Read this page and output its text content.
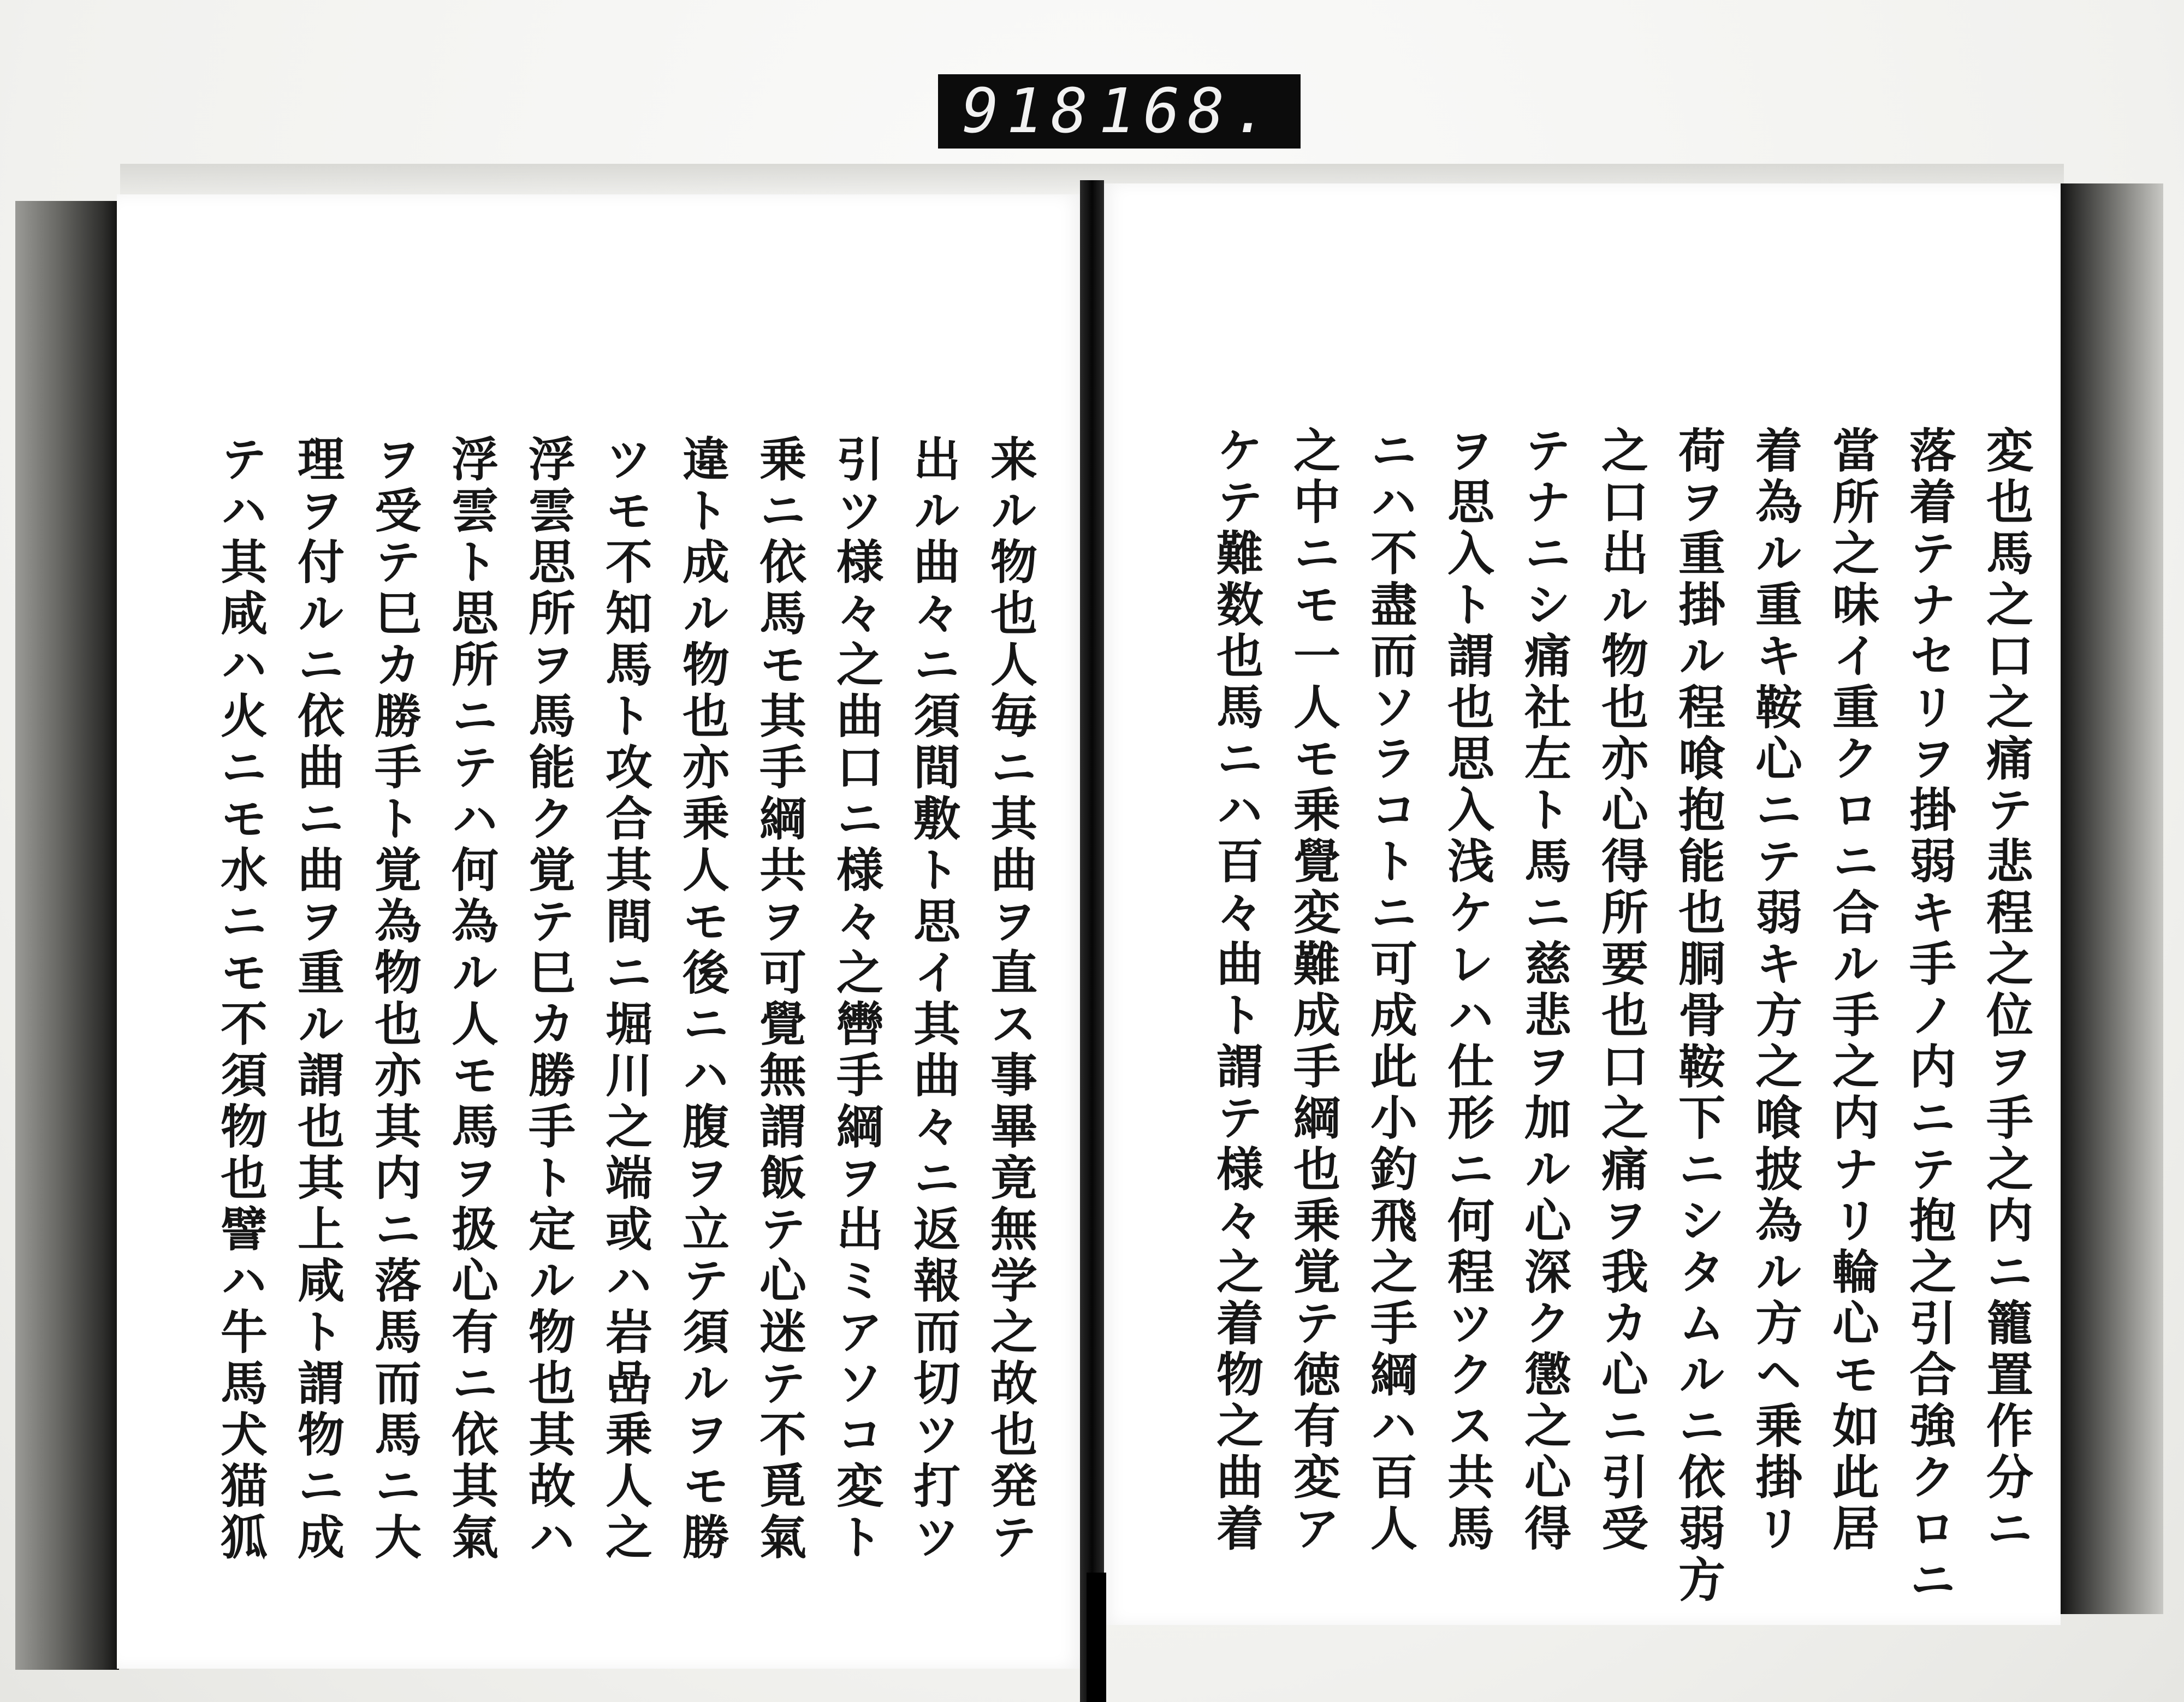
918 168.
来ル物也人毎ニ其曲ヲ直ス事畢竟無学之故也発テ
出ル曲々ニ須間敷ト思イ其曲々ニ返報而切ツ打ツ
引ツ様々之曲口ニ様々之轡手綱ヲ出ミアソコ変ト
乗ニ依馬モ其手綱共ヲ可覺無謂飯テ心迷テ不覓氣
違ト成ル物也亦乗人モ後ニハ腹ヲ立テ須ルヲモ勝
ツモ不知馬ト攻合其間ニ堀川之端或ハ岩嵒乗人之
浮雲思所ヲ馬能ク覚テ巳カ勝手ト定ル物也其故ハ
浮雲ト思所ニテハ何為ル人モ馬ヲ扱心有ニ依其氣
ヲ受テ巳カ勝手ト覚為物也亦其内ニ落馬而馬ニ大
理ヲ付ルニ依曲ニ曲ヲ重ル謂也其上咸ト謂物ニ成
テハ其咸ハ火ニモ水ニモ不須物也譬ハ牛馬犬猫狐	変也馬之口之痛テ悲程之位ヲ手之内ニ籠置作分ニ
落着テナセリヲ掛弱キ手ノ内ニテ抱之引合強クロニ
當所之味イ重クロニ合ル手之内ナリ輪心モ如此居
着為ル重キ鞍心ニテ弱キ方之喰披為ル方ヘ乗掛リ
荷ヲ重掛ル程喰抱能也胴骨鞍下ニシタムルニ依弱方
之口出ル物也亦心得所要也口之痛ヲ我カ心ニ引受
テナニシ痛社左ト馬ニ慈悲ヲ加ル心深ク懲之心得
ヲ思入ト謂也思入浅ケレハ仕形ニ何程ツクス共馬
ニハ不盡而ソラコトニ可成此小釣飛之手綱ハ百人
之中ニモ一人モ乗覺変難成手綱也乗覚テ徳有変ア
ケテ難数也馬ニハ百々曲ト謂テ様々之着物之曲着
